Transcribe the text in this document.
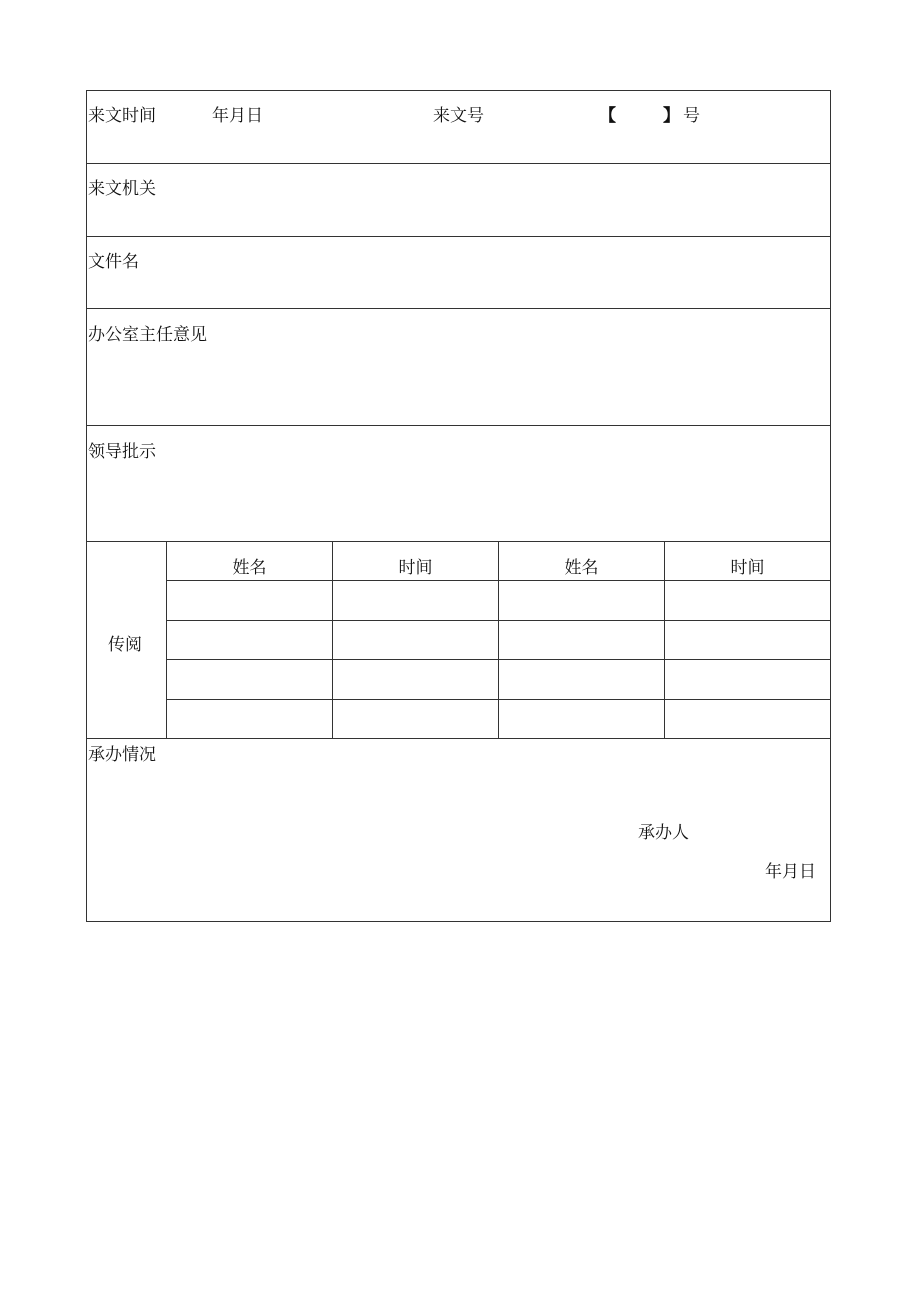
来文时间	年月日	来文号	【	】 号
来文机关
文件名
办公室主任意见
领导批示
传阅
姓名	时间	姓名	时间
承办情况
承办人
年月日
